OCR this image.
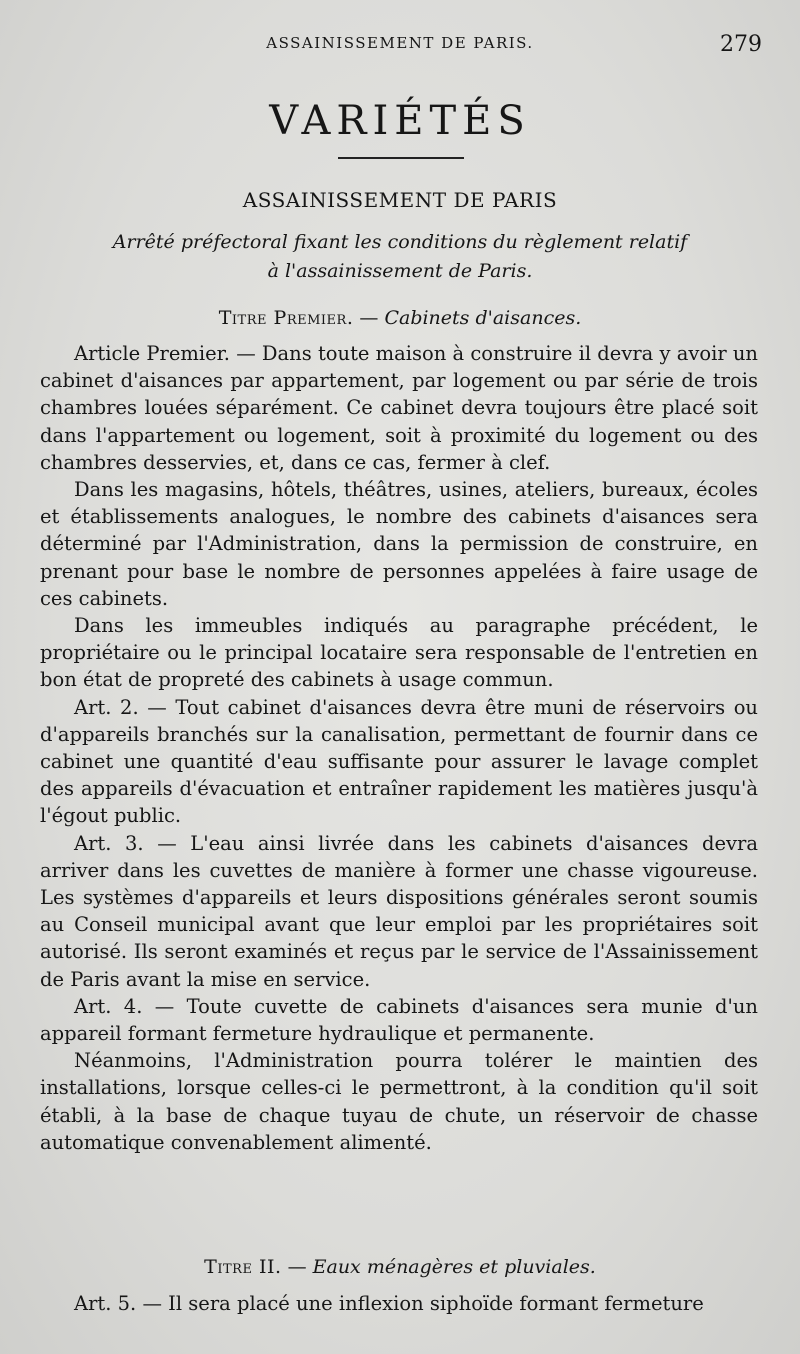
ASSAINISSEMENT DE PARIS.	279
VARIÉTÉS
ASSAINISSEMENT DE PARIS
Arrêté préfectoral fixant les conditions du règlement relatif
à l'assainissement de Paris.
Titre Premier. — Cabinets d'aisances.

Article Premier. — Dans toute maison à construire il devra y avoir un cabinet d'aisances par appartement, par logement ou par série de trois chambres louées séparément. Ce cabinet devra toujours être placé soit dans l'appartement ou logement, soit à proximité du logement ou des chambres desservies, et, dans ce cas, fermer à clef.

Dans les magasins, hôtels, théâtres, usines, ateliers, bureaux, écoles et établissements analogues, le nombre des cabinets d'aisances sera déterminé par l'Administration, dans la permission de construire, en prenant pour base le nombre de personnes appelées à faire usage de ces cabinets.

Dans les immeubles indiqués au paragraphe précédent, le propriétaire ou le principal locataire sera responsable de l'entretien en bon état de propreté des cabinets à usage commun.

Art. 2. — Tout cabinet d'aisances devra être muni de réservoirs ou d'appareils branchés sur la canalisation, permettant de fournir dans ce cabinet une quantité d'eau suffisante pour assurer le lavage complet des appareils d'évacuation et entraîner rapidement les matières jusqu'à l'égout public.

Art. 3. — L'eau ainsi livrée dans les cabinets d'aisances devra arriver dans les cuvettes de manière à former une chasse vigoureuse. Les systèmes d'appareils et leurs dispositions générales seront soumis au Conseil municipal avant que leur emploi par les propriétaires soit autorisé. Ils seront examinés et reçus par le service de l'Assainissement de Paris avant la mise en service.

Art. 4. — Toute cuvette de cabinets d'aisances sera munie d'un appareil formant fermeture hydraulique et permanente.

Néanmoins, l'Administration pourra tolérer le maintien des installations, lorsque celles-ci le permettront, à la condition qu'il soit établi, à la base de chaque tuyau de chute, un réservoir de chasse automatique convenablement alimenté.

Titre II. — Eaux ménagères et pluviales.

Art. 5. — Il sera placé une inflexion siphoïde formant fermeture
